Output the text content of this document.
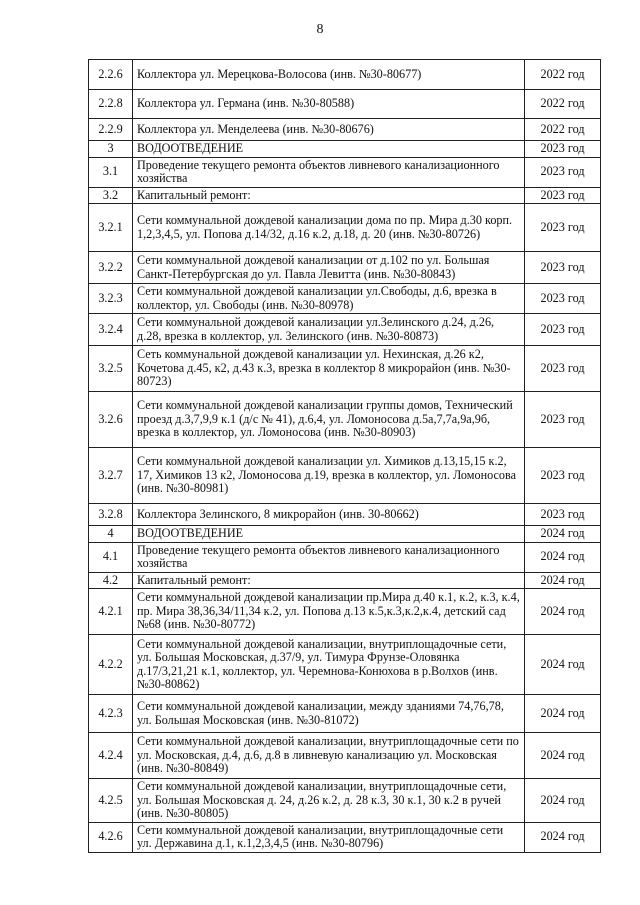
8
2.2.6	Коллектора ул. Мерецкова-Волосова (инв. №30-80677)	2022 год
2.2.8	Коллектора ул. Германа (инв. №30-80588)	2022 год
2.2.9	Коллектора ул. Менделеева (инв. №30-80676)	2022 год
3	ВОДООТВЕДЕНИЕ	2023 год
3.1	Проведение текущего ремонта объектов ливневого канализационного хозяйства	2023 год
3.2	Капитальный ремонт:	2023 год
3.2.1	Сети коммунальной дождевой канализации дома по пр. Мира д.30 корп. 1,2,3,4,5, ул. Попова д.14/32, д.16 к.2, д.18, д. 20 (инв. №30-80726)	2023 год
3.2.2	Сети коммунальной дождевой канализации от д.102 по ул. Большая Санкт-Петербургская до ул. Павла Левитта (инв. №30-80843)	2023 год
3.2.3	Сети коммунальной дождевой канализации ул.Свободы, д.6, врезка в коллектор, ул. Свободы (инв. №30-80978)	2023 год
3.2.4	Сети коммунальной дождевой канализации ул.Зелинского д.24, д.26, д.28, врезка в коллектор, ул. Зелинского (инв. №30-80873)	2023 год
3.2.5	Сеть коммунальной дождевой канализации ул. Нехинская, д.26 к2, Кочетова д.45, к2, д.43 к.3, врезка в коллектор 8 микрорайон (инв. №30-80723)	2023 год
3.2.6	Сети коммунальной дождевой канализации группы домов, Технический проезд д.3,7,9,9 к.1 (д/с № 41), д.6,4, ул. Ломоносова д.5а,7,7а,9а,9б, врезка в коллектор, ул. Ломоносова (инв. №30-80903)	2023 год
3.2.7	Сети коммунальной дождевой канализации ул. Химиков д.13,15,15 к.2, 17, Химиков 13 к2, Ломоносова д.19, врезка в коллектор, ул. Ломоносова (инв. №30-80981)	2023 год
3.2.8	Коллектора Зелинского, 8 микрорайон (инв. 30-80662)	2023 год
4	ВОДООТВЕДЕНИЕ	2024 год
4.1	Проведение текущего ремонта объектов ливневого канализационного хозяйства	2024 год
4.2	Капитальный ремонт:	2024 год
4.2.1	Сети коммунальной дождевой канализации пр.Мира д.40 к.1, к.2, к.3, к.4, пр. Мира 38,36,34/11,34 к.2, ул. Попова д.13 к.5,к.3,к.2,к.4, детский сад №68 (инв. №30-80772)	2024 год
4.2.2	Сети коммунальной дождевой канализации, внутриплощадочные сети, ул. Большая Московская, д.37/9, ул. Тимура Фрунзе-Оловянка д.17/3,21,21 к.1, коллектор, ул. Черемнова-Конюхова в р.Волхов (инв. №30-80862)	2024 год
4.2.3	Сети коммунальной дождевой канализации, между зданиями 74,76,78, ул. Большая Московская (инв. №30-81072)	2024 год
4.2.4	Сети коммунальной дождевой канализации, внутриплощадочные сети по ул. Московская, д.4, д.6, д.8 в ливневую канализацию ул. Московская (инв. №30-80849)	2024 год
4.2.5	Сети коммунальной дождевой канализации, внутриплощадочные сети, ул. Большая Московская д. 24, д.26 к.2, д. 28 к.3, 30 к.1, 30 к.2 в ручей (инв. №30-80805)	2024 год
4.2.6	Сети коммунальной дождевой канализации, внутриплощадочные сети ул. Державина д.1, к.1,2,3,4,5 (инв. №30-80796)	2024 год
